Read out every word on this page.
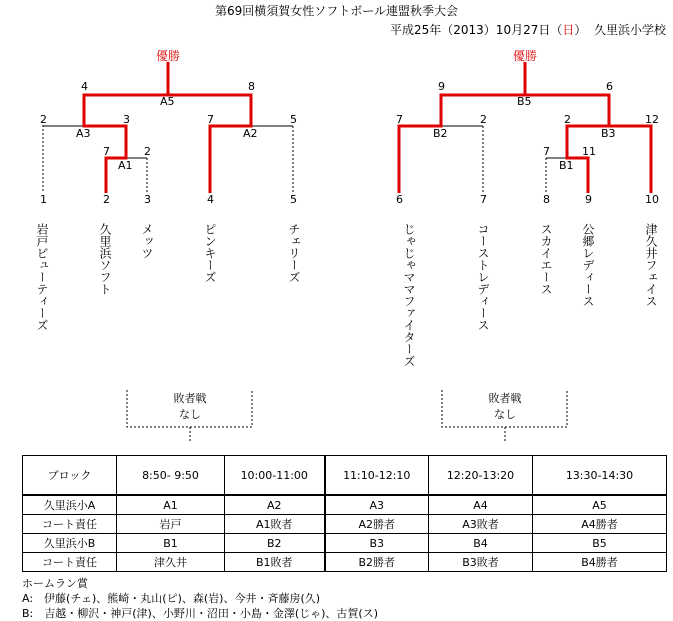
第69回横須賀女性ソフトボール連盟秋季大会
平成25年（2013）10月27日（日） 久里浜小学校
優勝
A5
A3	A2
A1
4	8
2	3	7	5
7	2
1	2	3	4	5
岩戸ビューティーズ	久里浜ソフト メッツ	ピンキーズ	チェリーズ
優勝
B5
B2	B3
B1
9	6
7	2	2	12
7	11
6	7	8	9	10
じゃじゃママファイターズ	コーストレディース	スカイエース 公郷レディース	津久井フェイス
敗者戦
なし
敗者戦
なし
ブロック	8:50- 9:50	10:00-11:00	11:10-12:10	12:20-13:20	13:30-14:30
久里浜小A	A1	A2	A3	A4	A5
コート責任	岩戸	A1敗者	A2勝者	A3敗者	A4勝者
久里浜小B	B1	B2	B3	B4	B5
コート責任	津久井	B1敗者	B2勝者	B3敗者	B4勝者
ホームラン賞
A:　伊藤(チェ)、熊崎・丸山(ピ)、森(岩)、今井・斉藤房(久)
B:　吉越・柳沢・神戸(津)、小野川・沼田・小島・金澤(じゃ)、古賀(ス)
